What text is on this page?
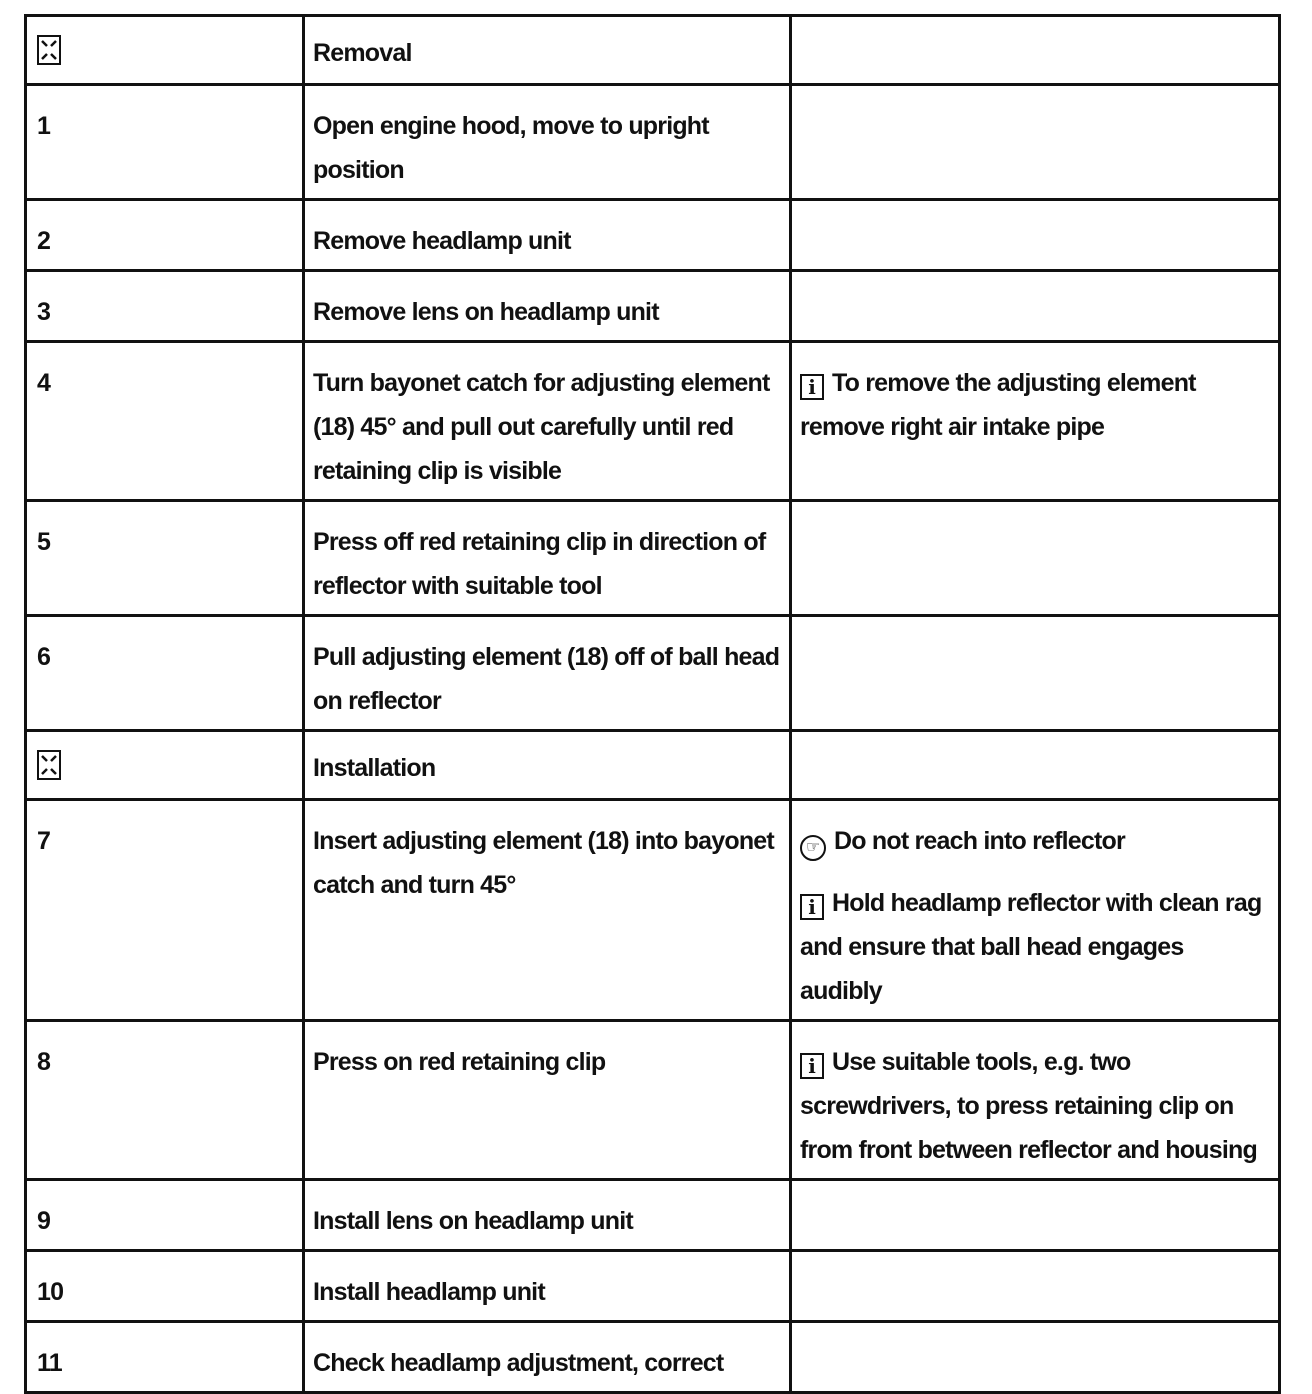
	Removal	
1	Open engine hood, move to upright position	
2	Remove headlamp unit	
3	Remove lens on headlamp unit	
4	Turn bayonet catch for adjusting element (18) 45° and pull out carefully until red retaining clip is visible	i To remove the adjusting element remove right air intake pipe

5	Press off red retaining clip in direction of reflector with suitable tool	
6	Pull adjusting element (18) off of ball head on reflector	
	Installation	
7	Insert adjusting element (18) into bayonet catch and turn 45°	☞ Do not reach into reflector
i Hold headlamp reflector with clean rag and ensure that ball head engages audibly

8	Press on red retaining clip	i Use suitable tools, e.g. two screwdrivers, to press retaining clip on from front between reflector and housing

9	Install lens on headlamp unit	
10	Install headlamp unit	
11	Check headlamp adjustment, correct	
